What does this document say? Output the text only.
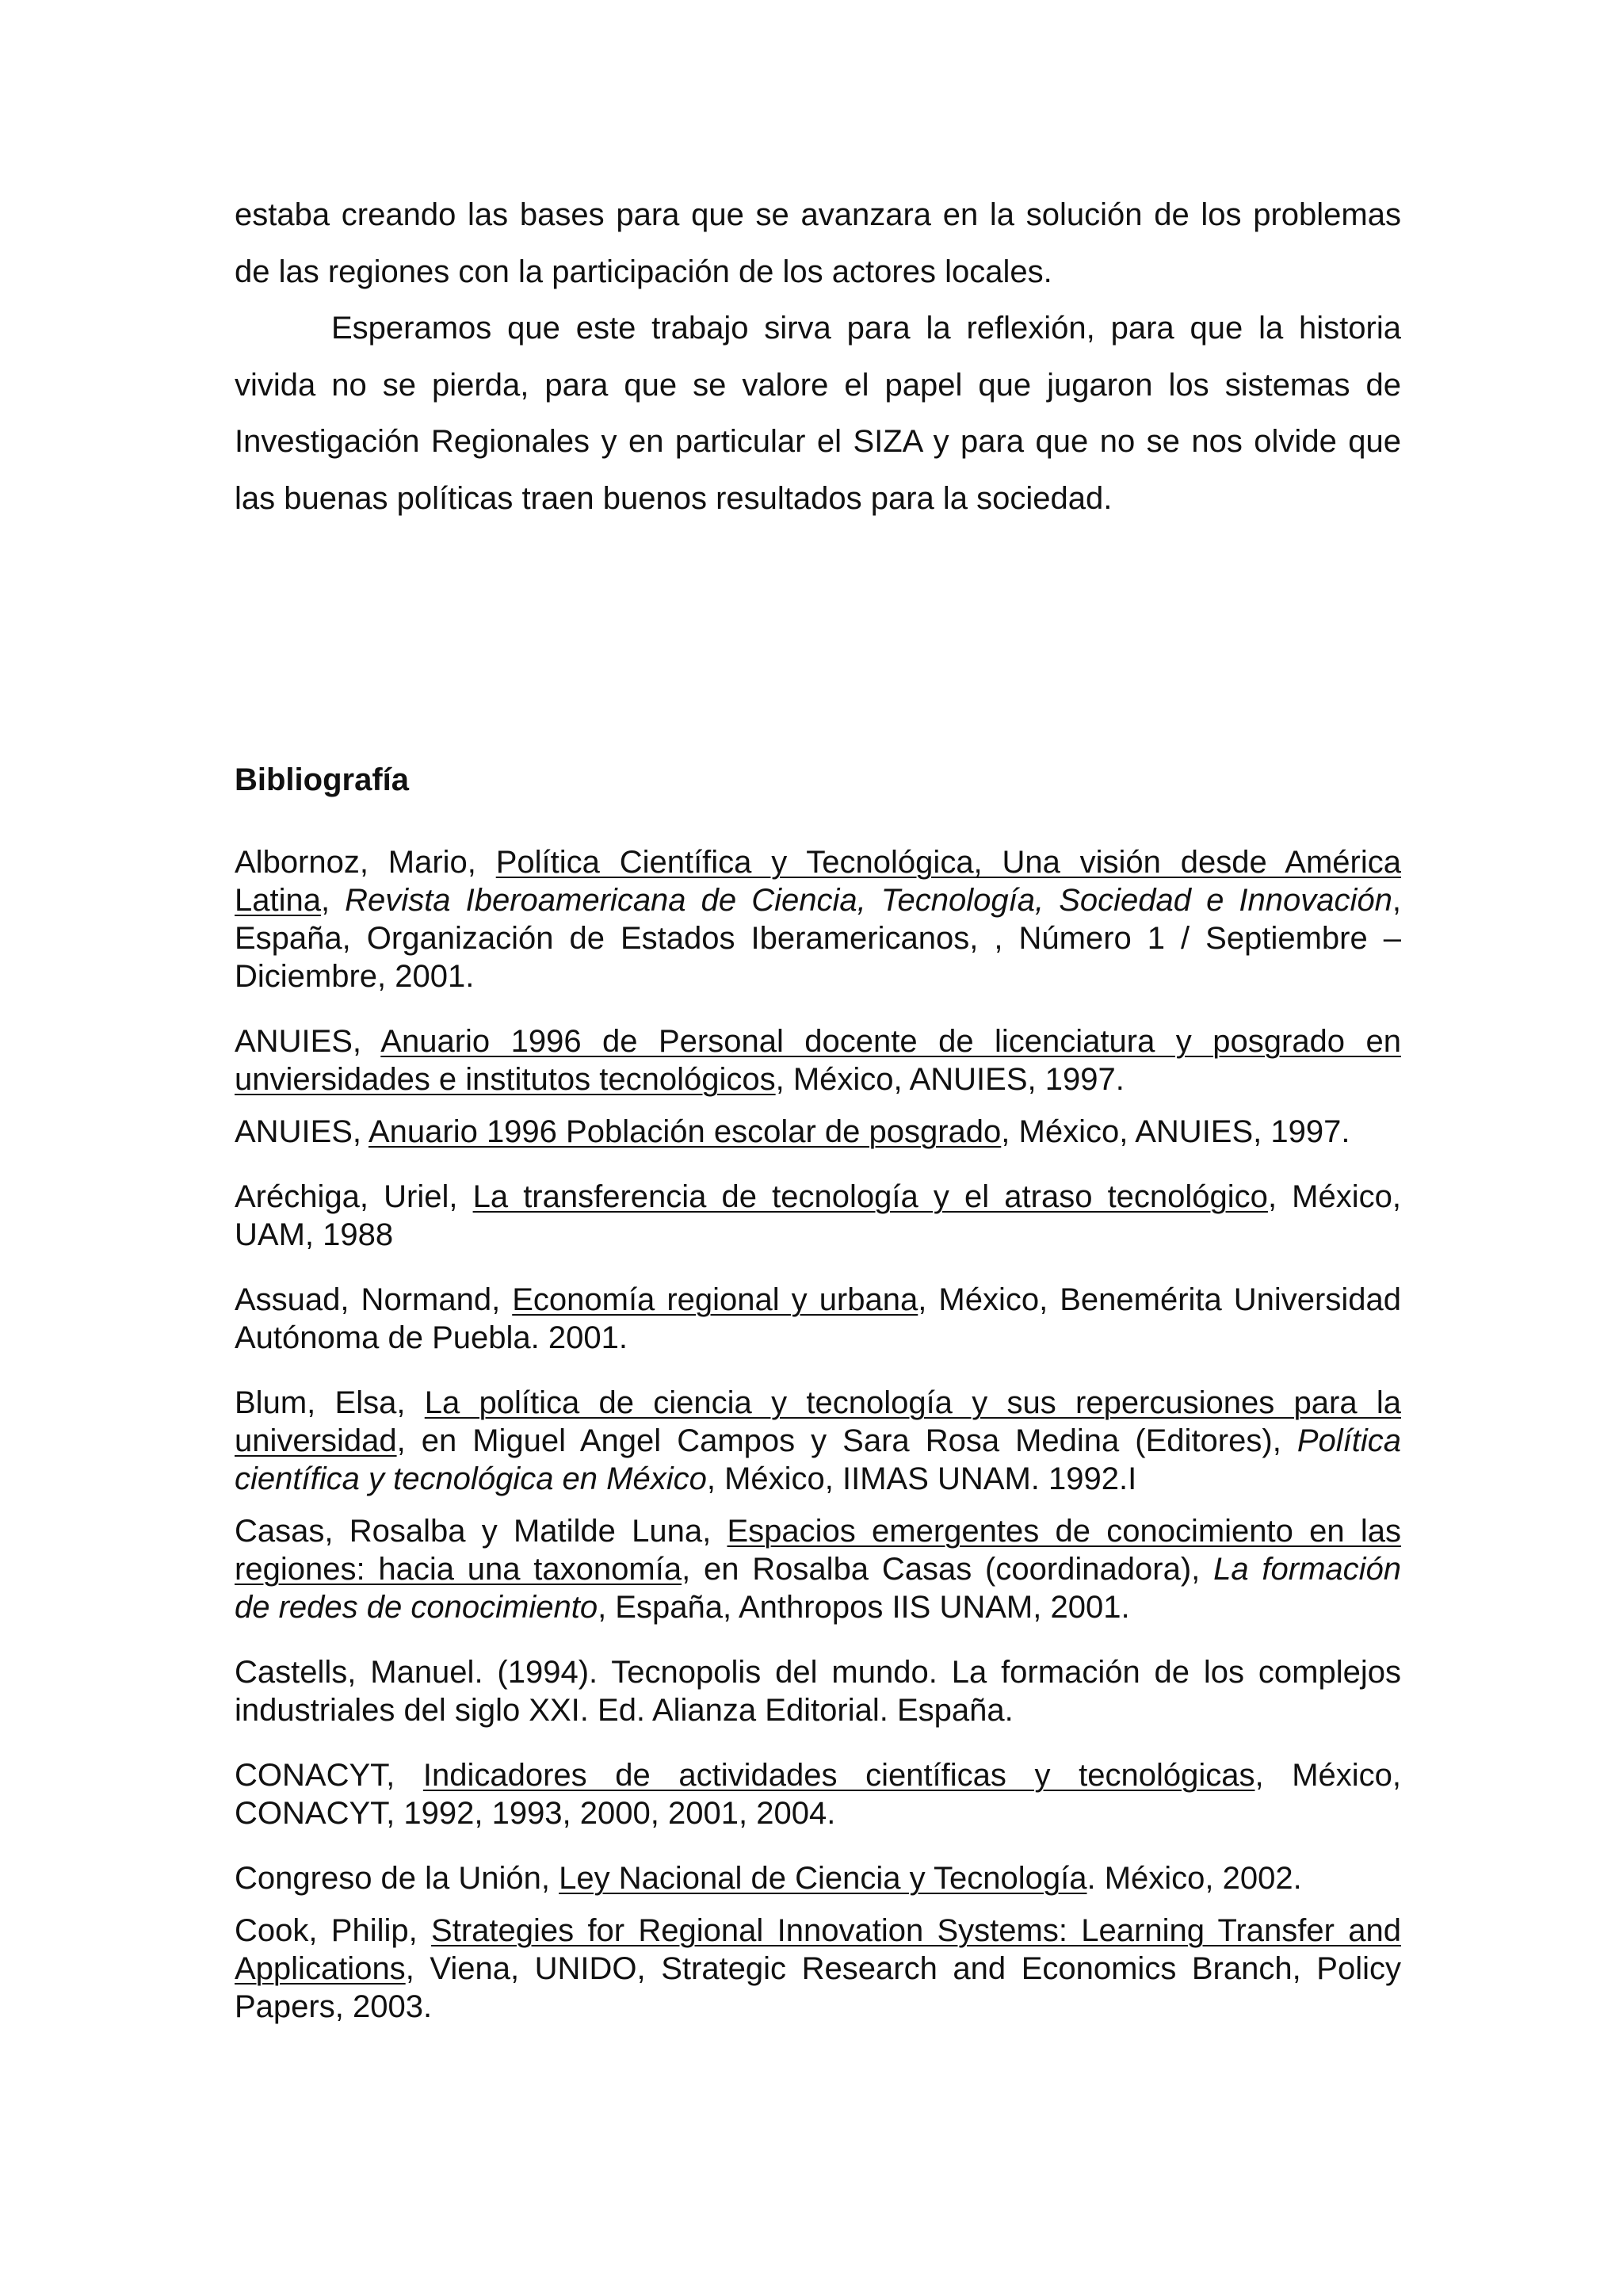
estaba creando las bases para que se avanzara en la solución de los problemas de las regiones con la participación de los actores locales.

Esperamos que este trabajo sirva para la reflexión, para que la historia vivida no se pierda, para que se valore el papel que jugaron los sistemas de Investigación Regionales y en particular el SIZA y para que no se nos olvide que las buenas políticas traen buenos resultados para la sociedad.

Bibliografía

Albornoz, Mario, Política Científica y Tecnológica, Una visión desde América Latina, Revista Iberoamericana de Ciencia, Tecnología, Sociedad e Innovación, España, Organización de Estados Iberamericanos, , Número 1 / Septiembre – Diciembre, 2001.

ANUIES, Anuario 1996 de Personal docente de licenciatura y posgrado en unviersidades e institutos tecnológicos, México, ANUIES, 1997.

ANUIES, Anuario 1996 Población escolar de posgrado, México, ANUIES, 1997.

Aréchiga, Uriel, La transferencia de tecnología y el atraso tecnológico, México, UAM, 1988

Assuad, Normand, Economía regional y urbana, México, Benemérita Universidad Autónoma de Puebla. 2001.

Blum, Elsa, La política de ciencia y tecnología y sus repercusiones para la universidad, en Miguel Angel Campos y Sara Rosa Medina (Editores), Política científica y tecnológica en México, México, IIMAS UNAM. 1992.I

Casas, Rosalba y Matilde Luna, Espacios emergentes de conocimiento en las regiones: hacia una taxonomía, en Rosalba Casas (coordinadora), La formación de redes de conocimiento, España, Anthropos IIS UNAM, 2001.

Castells, Manuel. (1994). Tecnopolis del mundo. La formación de los complejos industriales del siglo XXI. Ed. Alianza Editorial. España.

CONACYT, Indicadores de actividades científicas y tecnológicas, México, CONACYT, 1992, 1993, 2000, 2001, 2004.

Congreso de la Unión, Ley Nacional de Ciencia y Tecnología. México, 2002.

Cook, Philip, Strategies for Regional Innovation Systems: Learning Transfer and Applications, Viena, UNIDO, Strategic Research and Economics Branch, Policy Papers, 2003.
